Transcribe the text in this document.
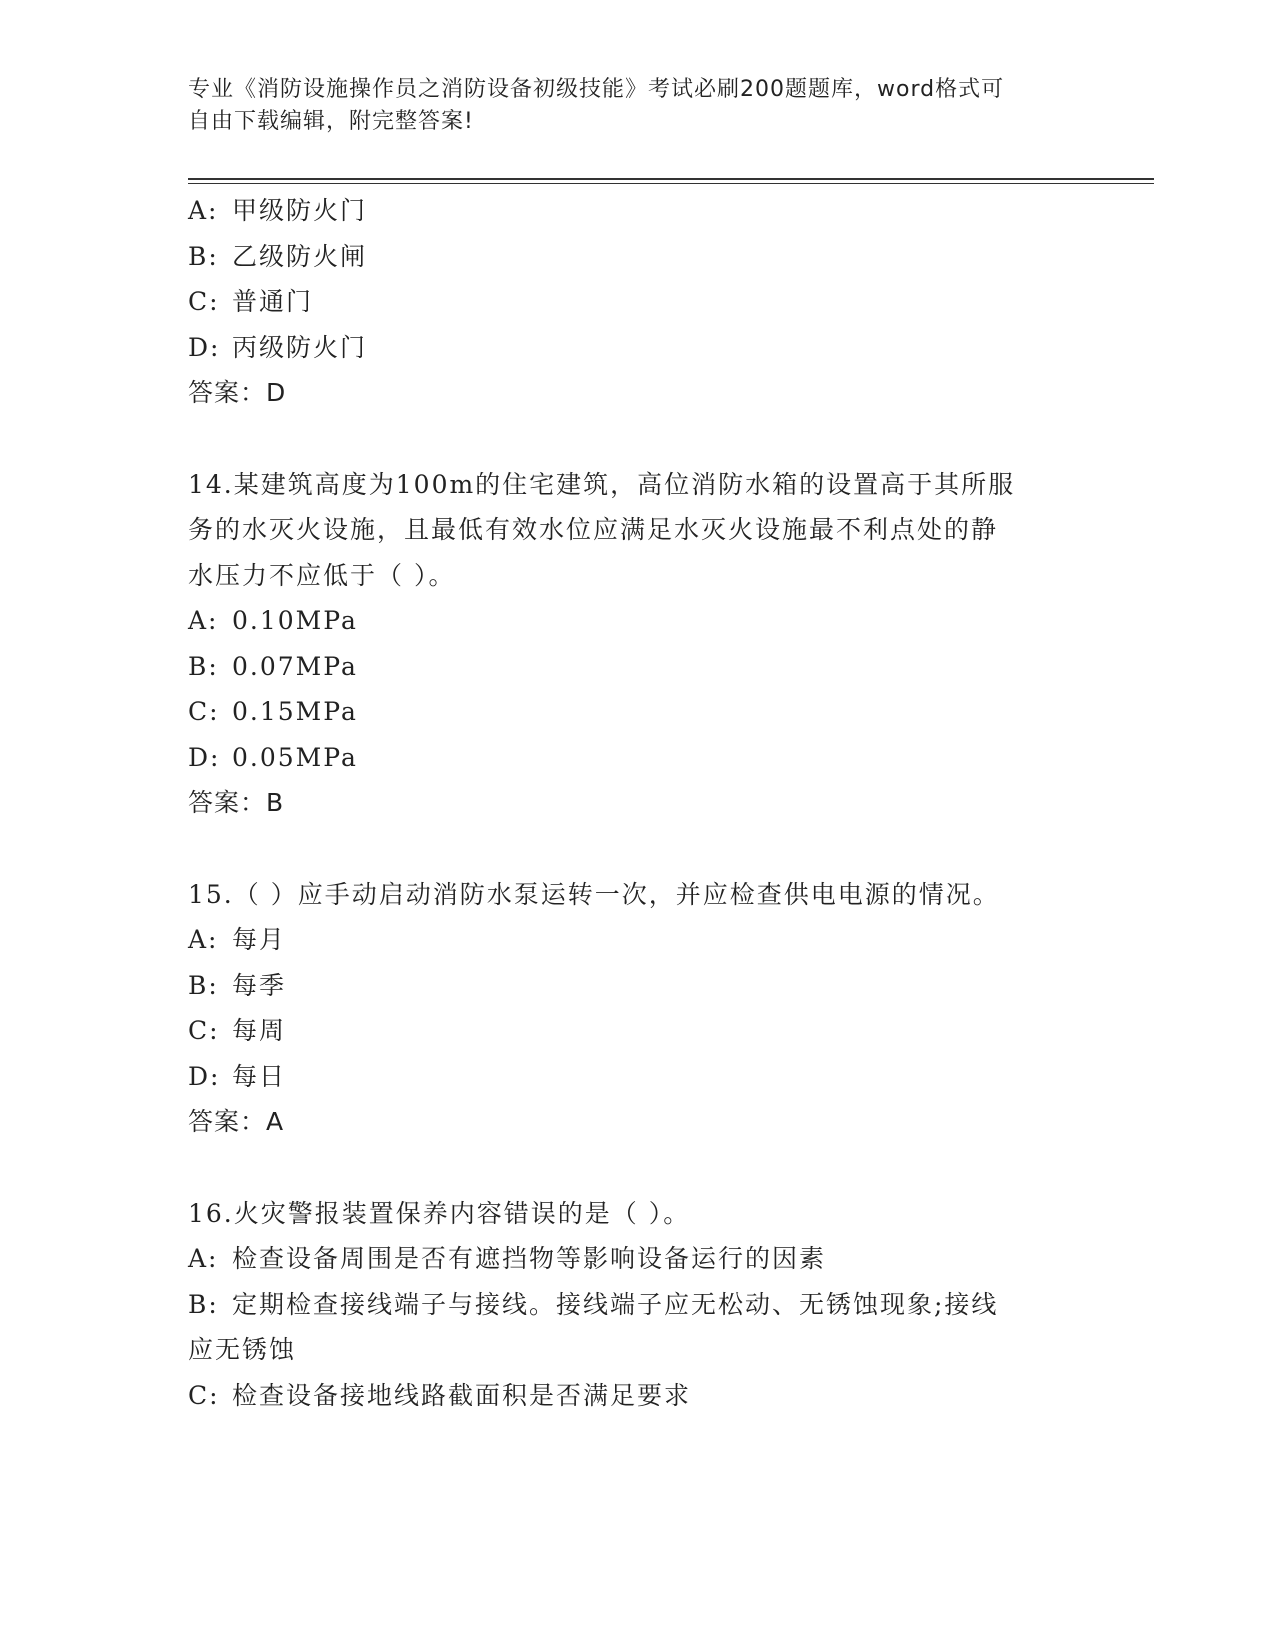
专业《消防设施操作员之消防设备初级技能》考试必刷200题题库，word格式可
自由下载编辑，附完整答案!
A: 甲级防火门
B: 乙级防火闸
C: 普通门
D: 丙级防火门
答案：D
14.某建筑高度为100m的住宅建筑，高位消防水箱的设置高于其所服
务的水灭火设施，且最低有效水位应满足水灭火设施最不利点处的静
水压力不应低于（ ）。
A: 0.10MPa
B: 0.07MPa
C: 0.15MPa
D: 0.05MPa
答案：B
15.（ ）应手动启动消防水泵运转一次，并应检查供电电源的情况。
A: 每月
B: 每季
C: 每周
D: 每日
答案：A
16.火灾警报装置保养内容错误的是（ ）。
A: 检查设备周围是否有遮挡物等影响设备运行的因素
B: 定期检查接线端子与接线。接线端子应无松动、无锈蚀现象;接线
应无锈蚀
C: 检查设备接地线路截面积是否满足要求
